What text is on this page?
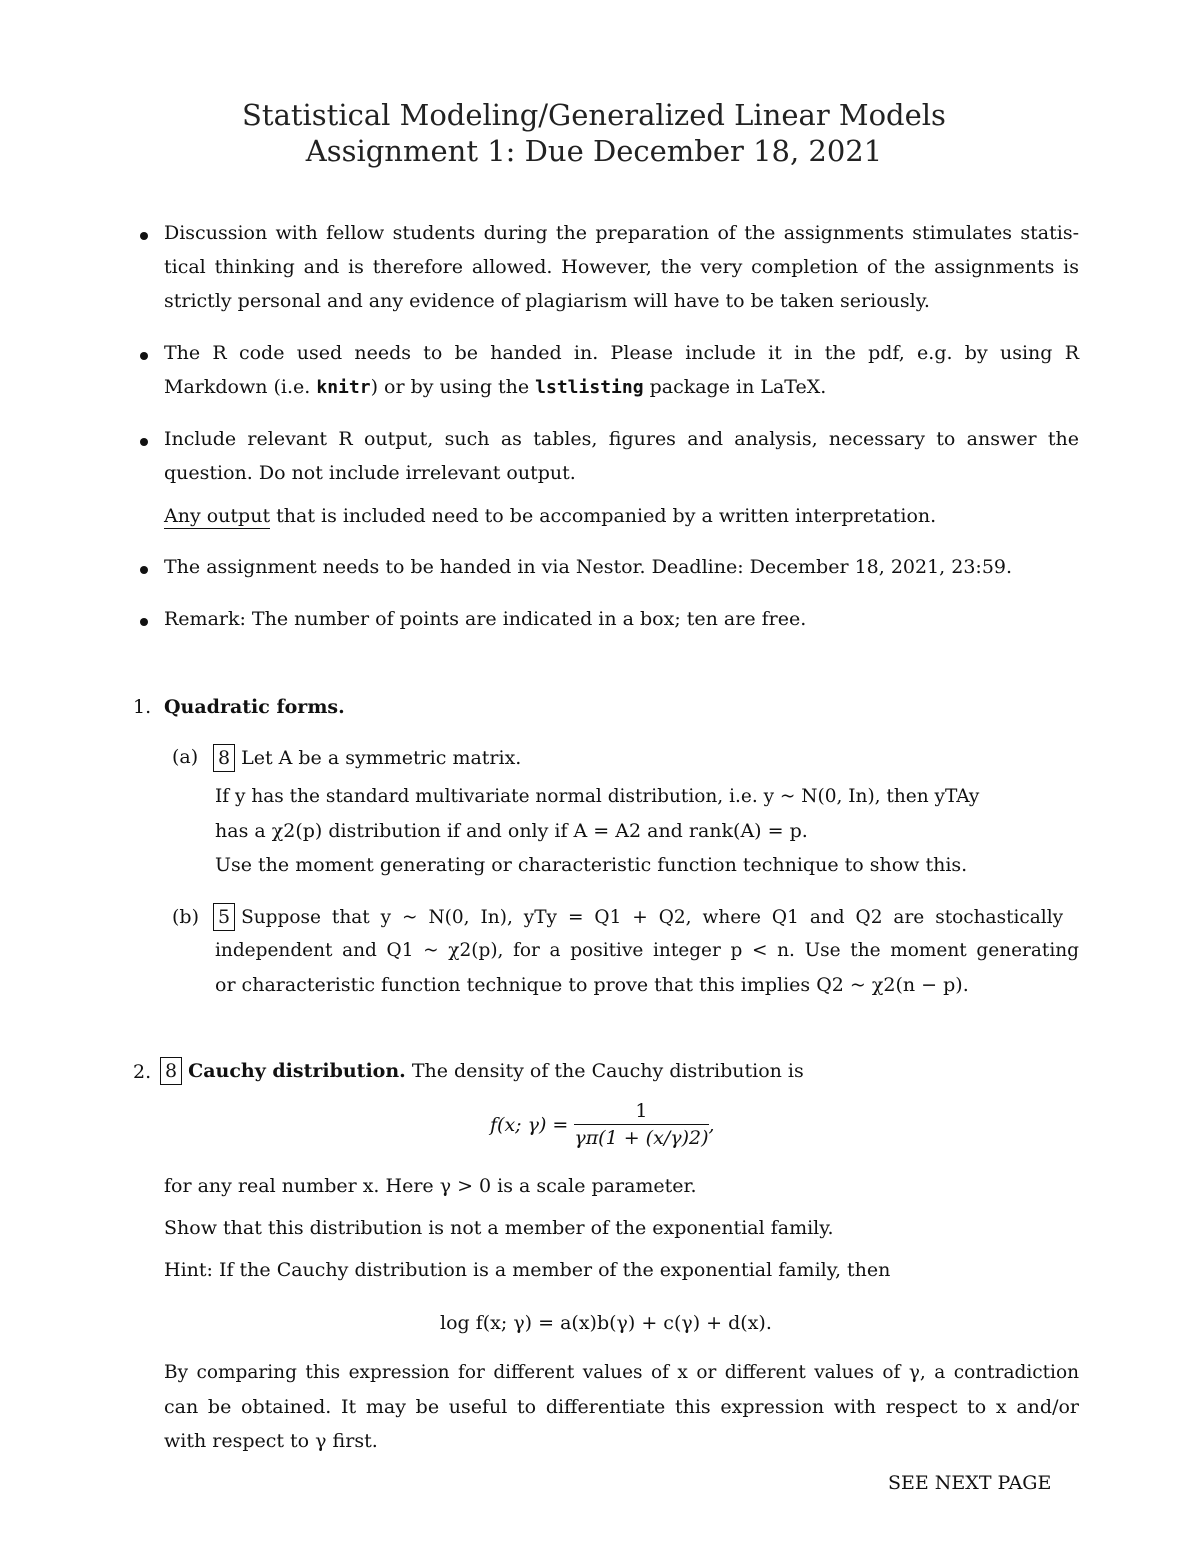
Statistical Modeling/Generalized Linear Models
Assignment 1: Due December 18, 2021
Discussion with fellow students during the preparation of the assignments stimulates statis-
tical thinking and is therefore allowed. However, the very completion of the assignments is
strictly personal and any evidence of plagiarism will have to be taken seriously.
The R code used needs to be handed in. Please include it in the pdf, e.g. by using R
Markdown (i.e. knitr) or by using the lstlisting package in LaTeX.
Include relevant R output, such as tables, figures and analysis, necessary to answer the
question. Do not include irrelevant output.
Any output that is included need to be accompanied by a written interpretation.
The assignment needs to be handed in via Nestor. Deadline: December 18, 2021, 23:59.
Remark: The number of points are indicated in a box; ten are free.
1. Quadratic forms.
(a) 8 Let A be a symmetric matrix.
If y has the standard multivariate normal distribution, i.e. y ~ N(0, In), then yTAy
has a χ2(p) distribution if and only if A = A2 and rank(A) = p.
Use the moment generating or characteristic function technique to show this.
(b) 5 Suppose that y ~ N(0, In), yTy = Q1 + Q2, where Q1 and Q2 are stochastically
independent and Q1 ~ χ2(p), for a positive integer p < n. Use the moment generating
or characteristic function technique to prove that this implies Q2 ~ χ2(n − p).
2. 8 Cauchy distribution. The density of the Cauchy distribution is
f(x; $\gamma) = \frac{1}{\gamma\pi(1 + (x/\gamma)2)}$ ,
for any real number x. Here γ > 0 is a scale parameter.
Show that this distribution is not a member of the exponential family.
Hint: If the Cauchy distribution is a member of the exponential family, then
log f(x; γ) = a(x)b(γ) + c(γ) + d(x).
By comparing this expression for different values of x or different values of γ, a contradiction
can be obtained. It may be useful to differentiate this expression with respect to x and/or
with respect to γ first.
SEE NEXT PAGE
